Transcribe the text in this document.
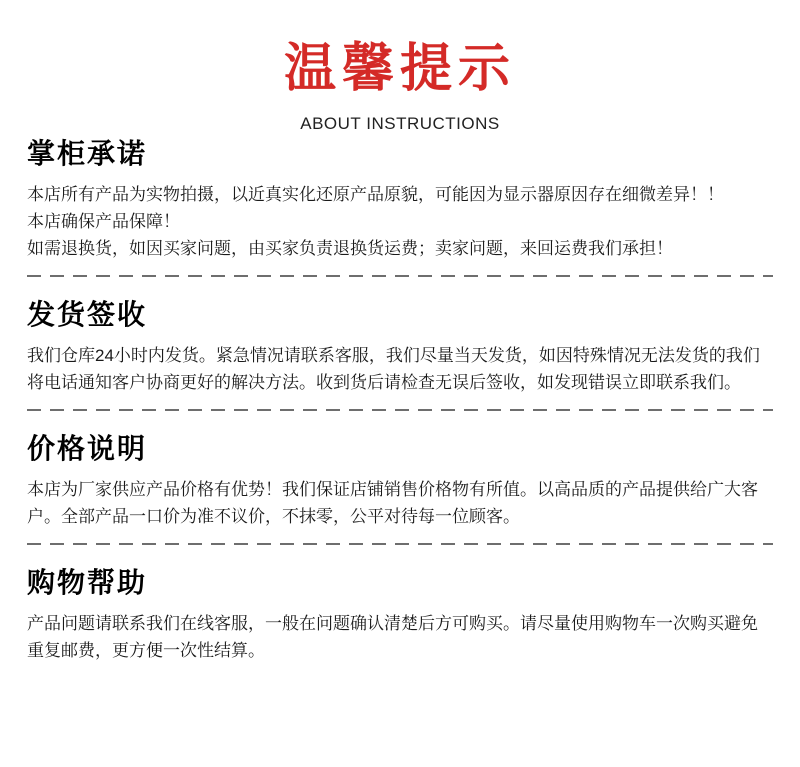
温馨提示
ABOUT INSTRUCTIONS
掌柜承诺

本店所有产品为实物拍摄，以近真实化还原产品原貌，可能因为显示器原因存在细微差异！！

本店确保产品保障！

如需退换货，如因买家问题，由买家负责退换货运费；卖家问题，来回运费我们承担！

发货签收

我们仓库24小时内发货。紧急情况请联系客服，我们尽量当天发货，如因特殊情况无法发货的我们将电话通知客户协商更好的解决方法。收到货后请检查无误后签收，如发现错误立即联系我们。

价格说明

本店为厂家供应产品价格有优势！我们保证店铺销售价格物有所值。以高品质的产品提供给广大客户。全部产品一口价为准不议价，不抹零，公平对待每一位顾客。

购物帮助

产品问题请联系我们在线客服，一般在问题确认清楚后方可购买。请尽量使用购物车一次购买避免重复邮费，更方便一次性结算。
